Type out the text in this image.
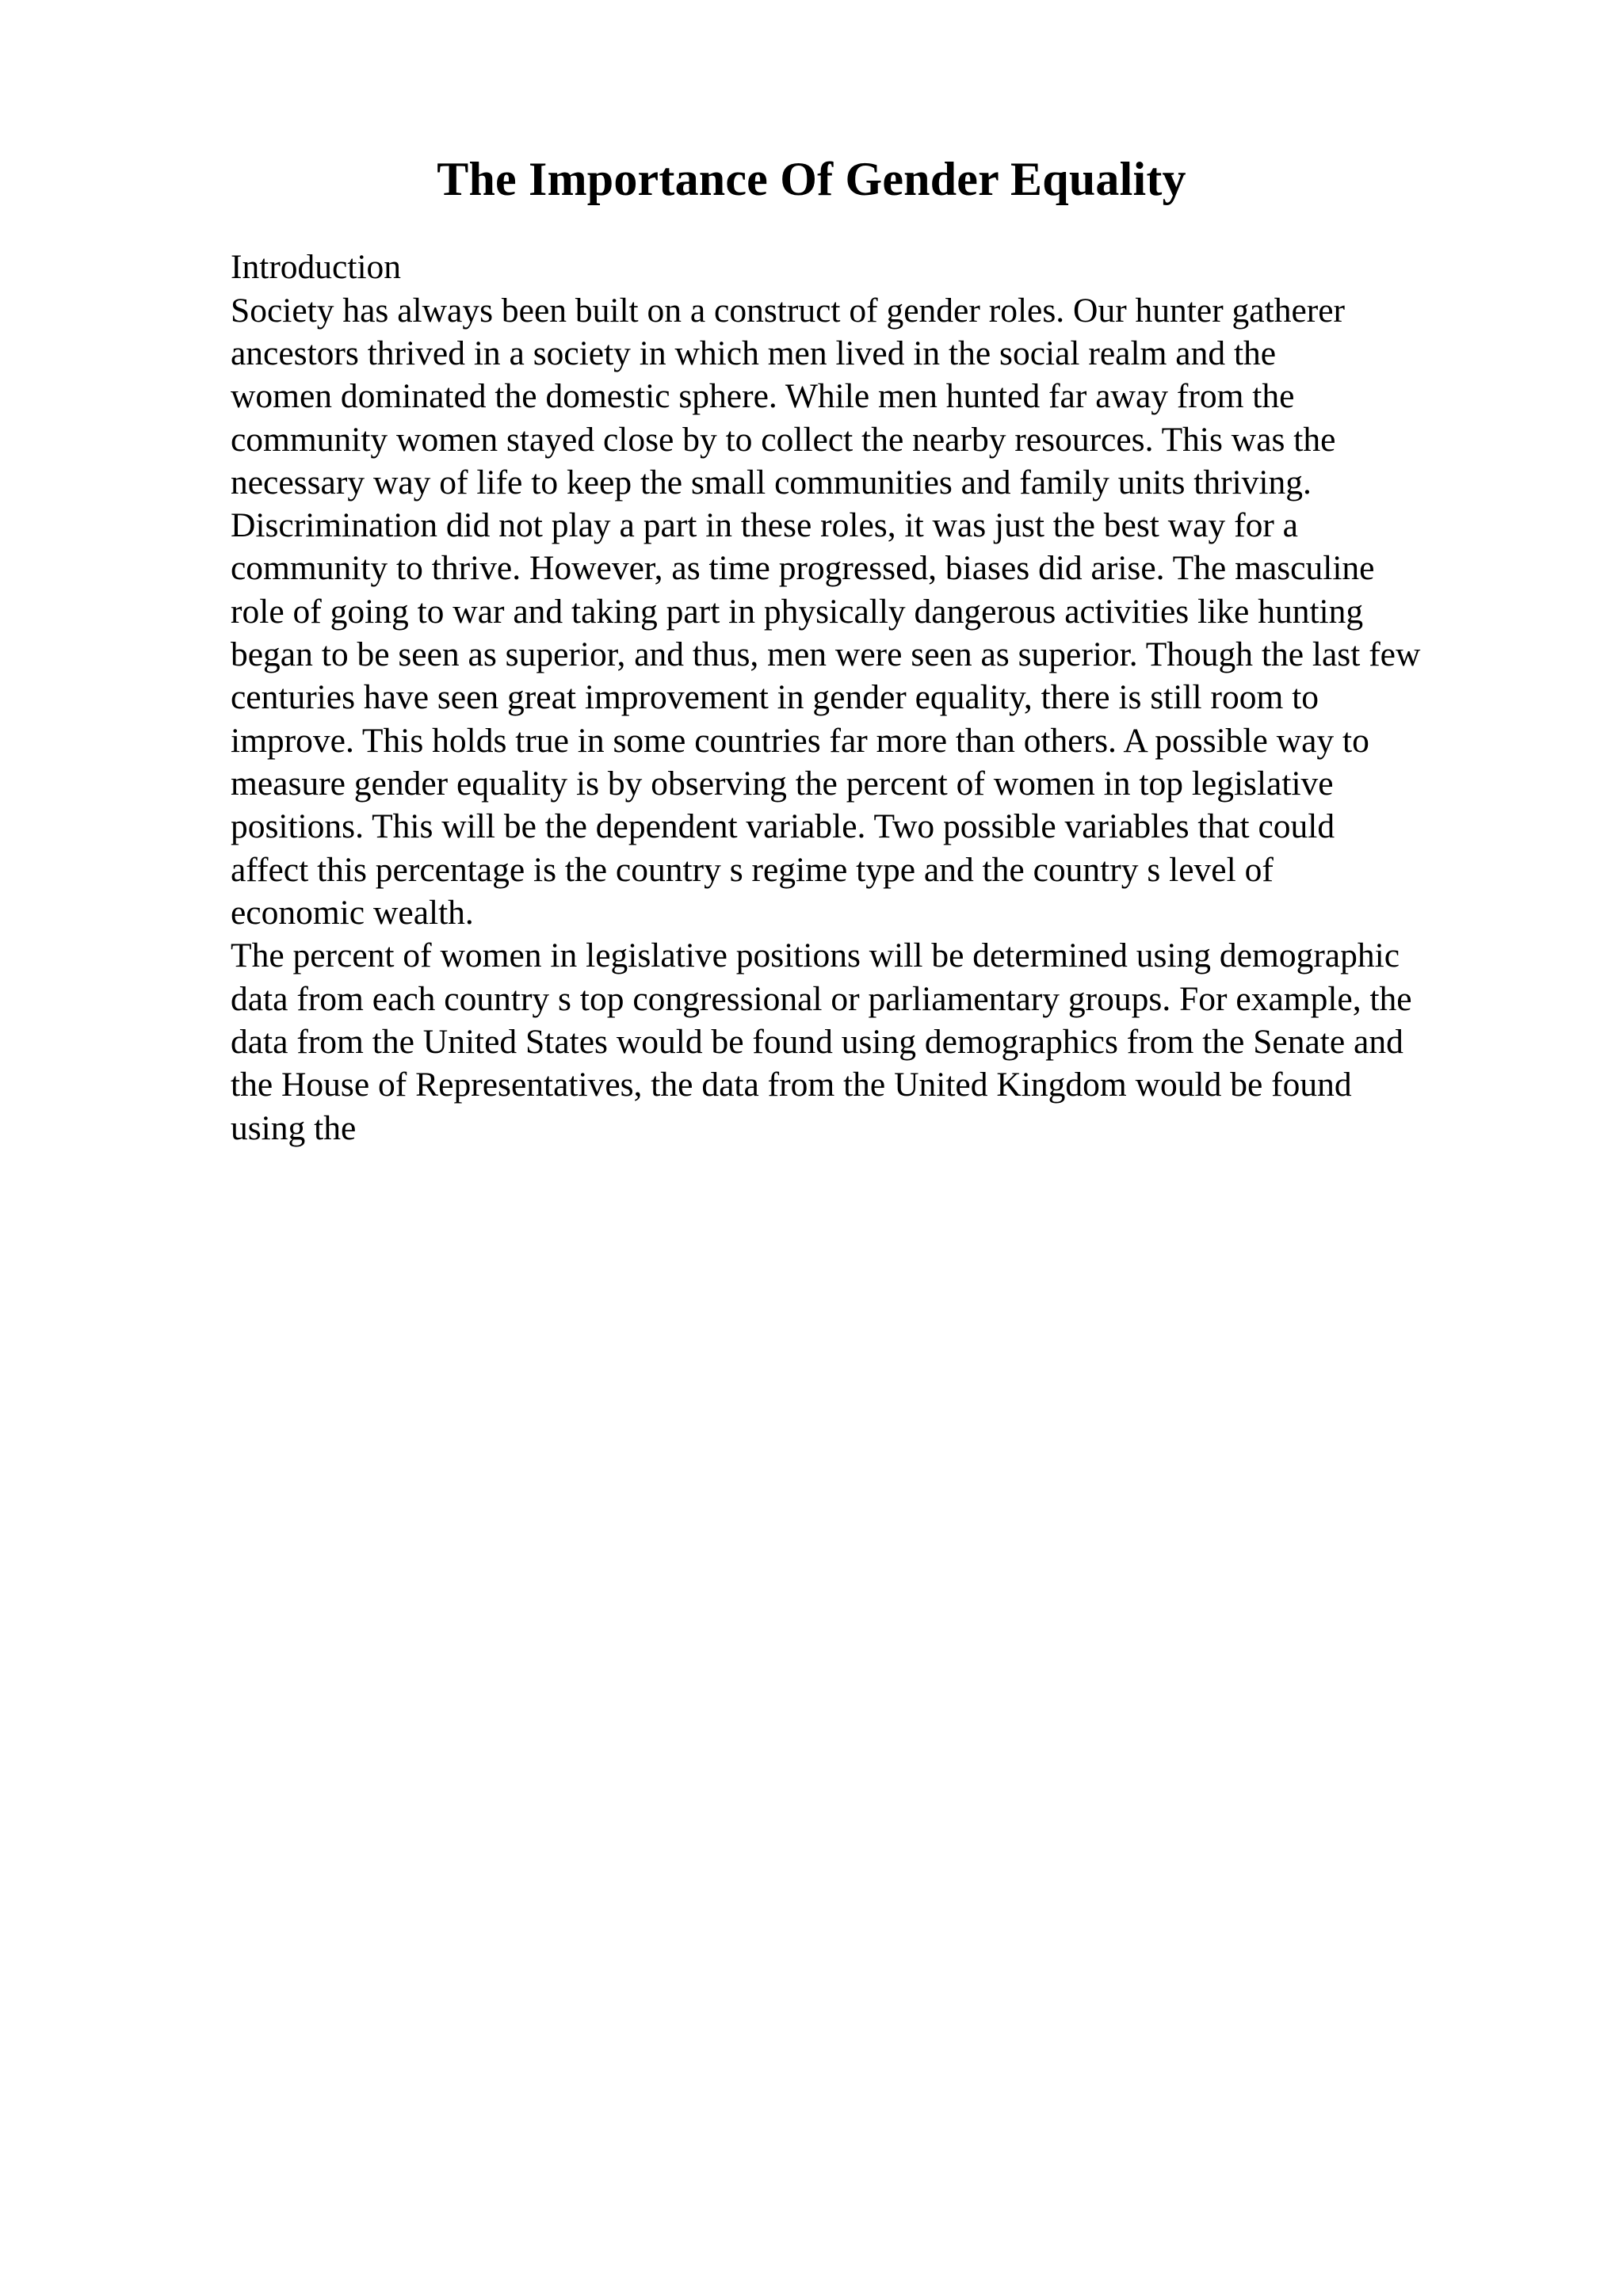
The Importance Of Gender Equality
Introduction
Society has always been built on a construct of gender roles. Our hunter gatherer
ancestors thrived in a society in which men lived in the social realm and the
women dominated the domestic sphere. While men hunted far away from the
community women stayed close by to collect the nearby resources. This was the
necessary way of life to keep the small communities and family units thriving.
Discrimination did not play a part in these roles, it was just the best way for a
community to thrive. However, as time progressed, biases did arise. The masculine
role of going to war and taking part in physically dangerous activities like hunting
began to be seen as superior, and thus, men were seen as superior. Though the last few
centuries have seen great improvement in gender equality, there is still room to
improve. This holds true in some countries far more than others. A possible way to
measure gender equality is by observing the percent of women in top legislative
positions. This will be the dependent variable. Two possible variables that could
affect this percentage is the country s regime type and the country s level of
economic wealth.
The percent of women in legislative positions will be determined using demographic
data from each country s top congressional or parliamentary groups. For example, the
data from the United States would be found using demographics from the Senate and
the House of Representatives, the data from the United Kingdom would be found
using the
